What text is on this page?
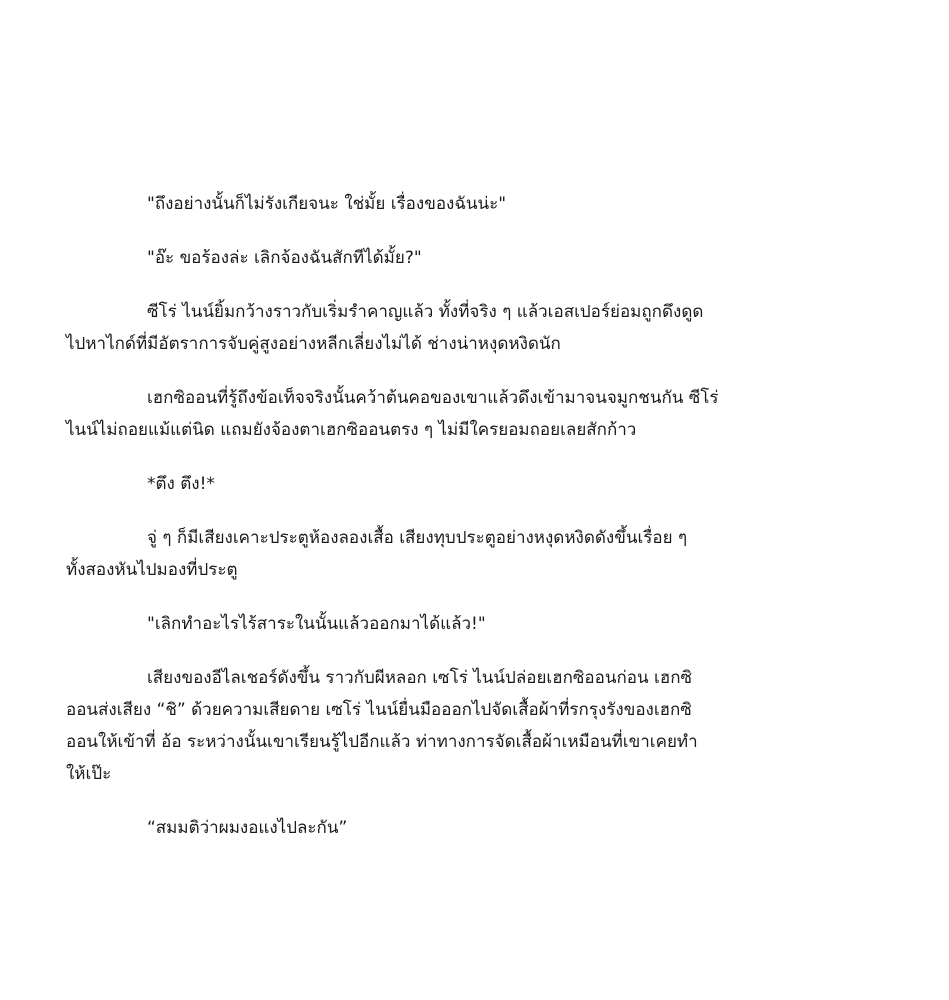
"ถึงอย่างนั้นก็ไม่รังเกียจนะ ใช่มั้ย เรื่องของฉันน่ะ"

"อ๊ะ ขอร้องล่ะ เลิกจ้องฉันสักทีได้มั้ย?"

ซีโร่ ไนน์ยิ้มกว้างราวกับเริ่มรำคาญแล้ว ทั้งที่จริง ๆ แล้วเอสเปอร์ย่อมถูกดึงดูด
ไปหาไกด์ที่มีอัตราการจับคู่สูงอย่างหลีกเลี่ยงไม่ได้ ช่างน่าหงุดหงิดนัก

เฮกซิออนที่รู้ถึงข้อเท็จจริงนั้นคว้าต้นคอของเขาแล้วดึงเข้ามาจนจมูกชนกัน ซีโร่
ไนน์ไม่ถอยแม้แต่นิด แถมยังจ้องตาเฮกซิออนตรง ๆ ไม่มีใครยอมถอยเลยสักก้าว

*ตึง ตึง!*

จู่ ๆ ก็มีเสียงเคาะประตูห้องลองเสื้อ เสียงทุบประตูอย่างหงุดหงิดดังขึ้นเรื่อย ๆ
ทั้งสองหันไปมองที่ประตู

"เลิกทำอะไรไร้สาระในนั้นแล้วออกมาได้แล้ว!"

เสียงของอีไลเชอร์ดังขึ้น ราวกับผีหลอก เซโร่ ไนน์ปล่อยเฮกซิออนก่อน เฮกซิ
ออนส่งเสียง “ชิ” ด้วยความเสียดาย เซโร่ ไนน์ยื่นมือออกไปจัดเสื้อผ้าที่รกรุงรังของเฮกซิ
ออนให้เข้าที่ อ้อ ระหว่างนั้นเขาเรียนรู้ไปอีกแล้ว ท่าทางการจัดเสื้อผ้าเหมือนที่เขาเคยทำ
ให้เป๊ะ

“สมมติว่าผมงอแงไปละกัน”
